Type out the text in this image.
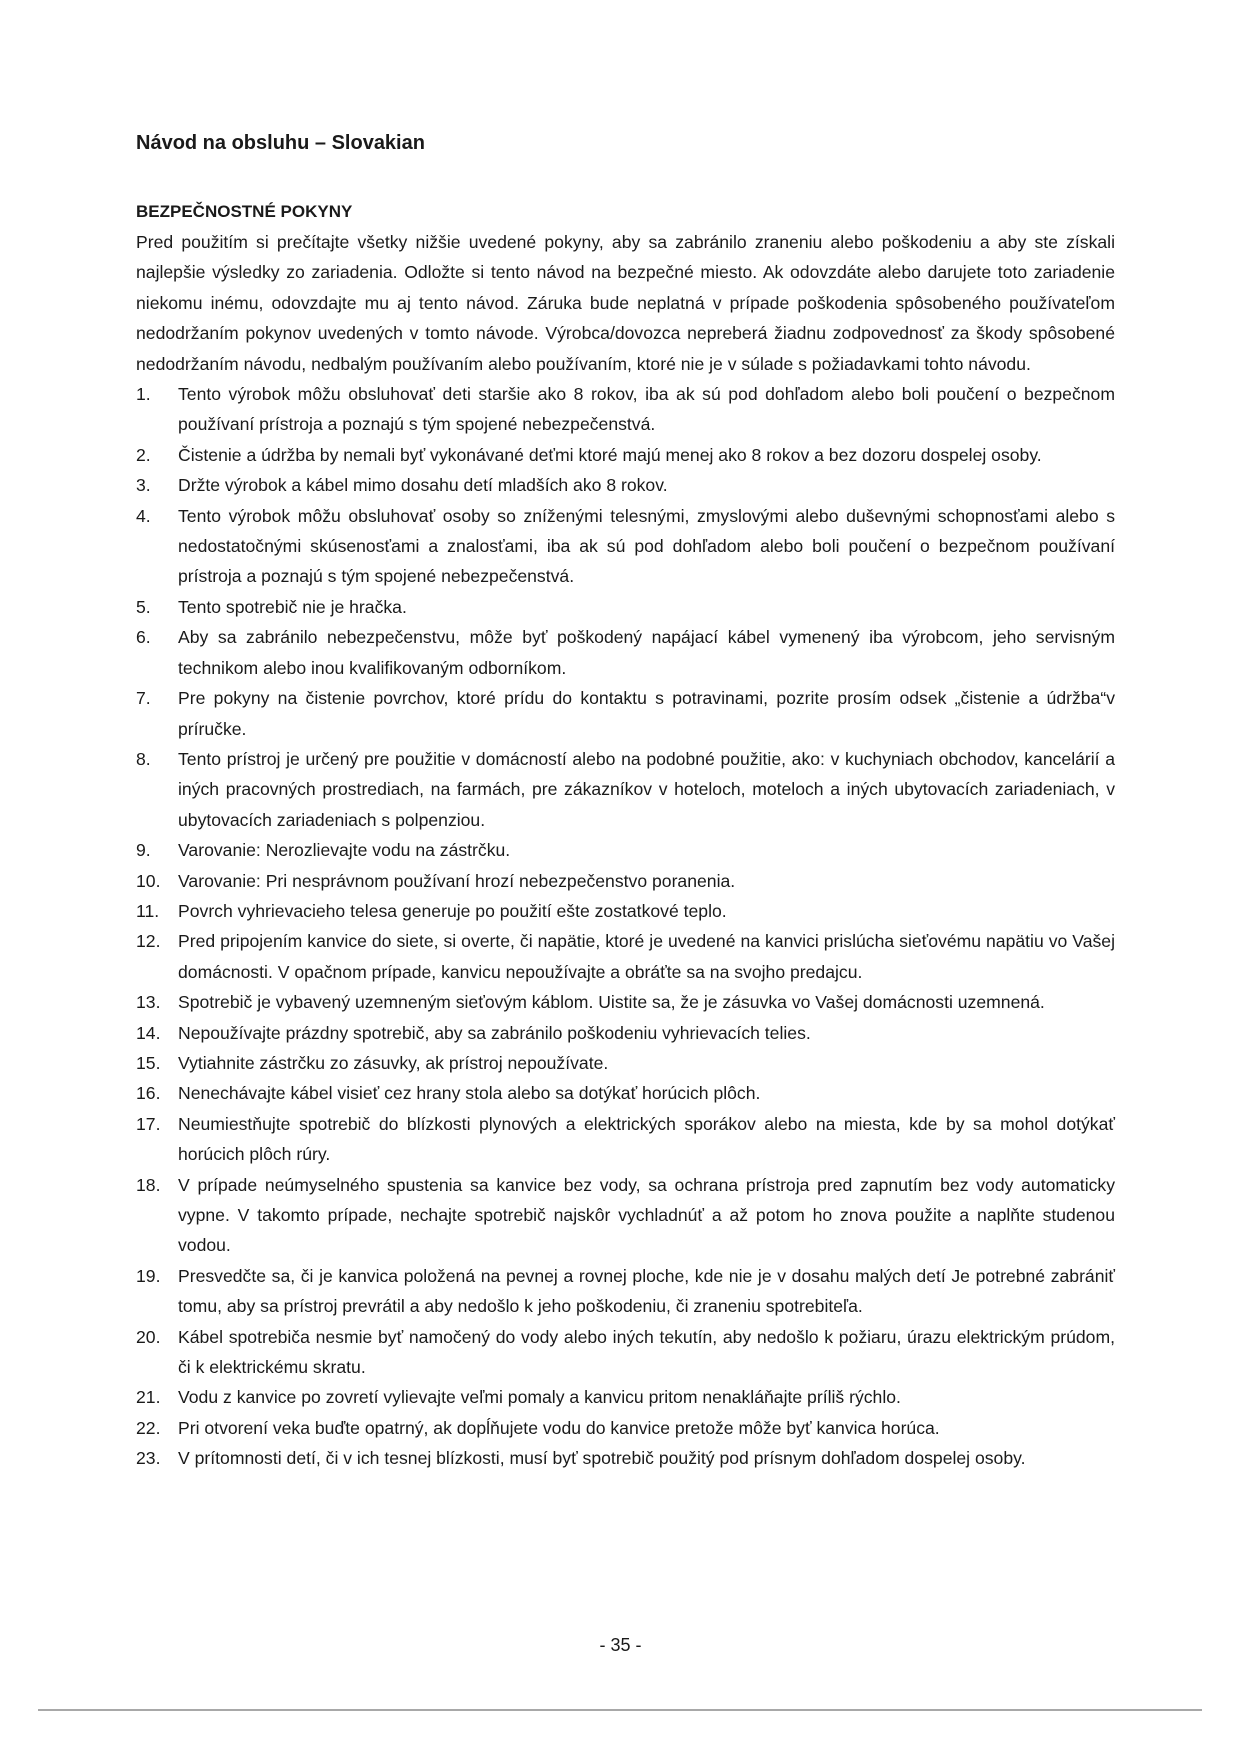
Návod na obsluhu – Slovakian
BEZPEČNOSTNÉ POKYNY

Pred použitím si prečítajte všetky nižšie uvedené pokyny, aby sa zabránilo zraneniu alebo poškodeniu a aby ste získali najlepšie výsledky zo zariadenia. Odložte si tento návod na bezpečné miesto. Ak odovzdáte alebo darujete toto zariadenie niekomu inému, odovzdajte mu aj tento návod. Záruka bude neplatná v prípade poškodenia spôsobeného používateľom nedodržaním pokynov uvedených v tomto návode. Výrobca/dovozca nepreberá žiadnu zodpovednosť za škody spôsobené nedodržaním návodu, nedbalým používaním alebo používaním, ktoré nie je v súlade s požiadavkami tohto návodu.

1.	Tento výrobok môžu obsluhovať deti staršie ako 8 rokov, iba ak sú pod dohľadom alebo boli poučení o bezpečnom používaní prístroja a poznajú s tým spojené nebezpečenstvá.
2.	Čistenie a údržba by nemali byť vykonávané deťmi ktoré majú menej ako 8 rokov a bez dozoru dospelej osoby.
3.	Držte výrobok a kábel mimo dosahu detí mladších ako 8 rokov.
4.	Tento výrobok môžu obsluhovať osoby so zníženými telesnými, zmyslovými alebo duševnými schopnosťami alebo s nedostatočnými skúsenosťami a znalosťami, iba ak sú pod dohľadom alebo boli poučení o bezpečnom používaní prístroja a poznajú s tým spojené nebezpečenstvá.
5.	Tento spotrebič nie je hračka.
6.	Aby sa zabránilo nebezpečenstvu, môže byť poškodený napájací kábel vymenený iba výrobcom, jeho servisným technikom alebo inou kvalifikovaným odborníkom.
7.	Pre pokyny na čistenie povrchov, ktoré prídu do kontaktu s potravinami, pozrite prosím odsek „čistenie a údržba“v príručke.
8.	Tento prístroj je určený pre použitie v domácností alebo na podobné použitie, ako: v kuchyniach obchodov, kancelárií a iných pracovných prostrediach, na farmách, pre zákazníkov v hoteloch, moteloch a iných ubytovacích zariadeniach, v ubytovacích zariadeniach s polpenziou.
9.	Varovanie: Nerozlievajte vodu na zástrčku.
10. Varovanie: Pri nesprávnom používaní hrozí nebezpečenstvo poranenia.
11.	Povrch vyhrievacieho telesa generuje po použití ešte zostatkové teplo.
12. Pred pripojením kanvice do siete, si overte, či napätie, ktoré je uvedené na kanvici prislúcha sieťovému napätiu vo Vašej domácnosti. V opačnom prípade, kanvicu nepoužívajte a obráťte sa na svojho predajcu.
13. Spotrebič je vybavený uzemneným sieťovým káblom. Uistite sa, že je zásuvka vo Vašej domácnosti uzemnená.
14. Nepoužívajte prázdny spotrebič, aby sa zabránilo poškodeniu vyhrievacích telies.
15. Vytiahnite zástrčku zo zásuvky, ak prístroj nepoužívate.
16. Nenechávajte kábel visieť cez hrany stola alebo sa dotýkať horúcich plôch.
17. Neumiestňujte spotrebič do blízkosti plynových a elektrických sporákov alebo na miesta, kde by sa mohol dotýkať horúcich plôch rúry.
18. V prípade neúmyselného spustenia sa kanvice bez vody, sa ochrana prístroja pred zapnutím bez vody automaticky vypne. V takomto prípade, nechajte spotrebič najskôr vychladnúť a až potom ho znova použite a naplňte studenou vodou.
19. Presvedčte sa, či je kanvica položená na pevnej a rovnej ploche, kde nie je v dosahu malých detí Je potrebné zabrániť tomu, aby sa prístroj prevrátil a aby nedošlo k jeho poškodeniu, či zraneniu spotrebiteľa.
20. Kábel spotrebiča nesmie byť namočený do vody alebo iných tekutín, aby nedošlo k požiaru, úrazu elektrickým prúdom, či k elektrickému skratu.
21. Vodu z kanvice po zovretí vylievajte veľmi pomaly a kanvicu pritom nenakláňajte príliš rýchlo.
22. Pri otvorení veka buďte opatrný, ak dopĺňujete vodu do kanvice pretože môže byť kanvica horúca.
23. V prítomnosti detí, či v ich tesnej blízkosti, musí byť spotrebič použitý pod prísnym dohľadom dospelej osoby.
- 35 -
